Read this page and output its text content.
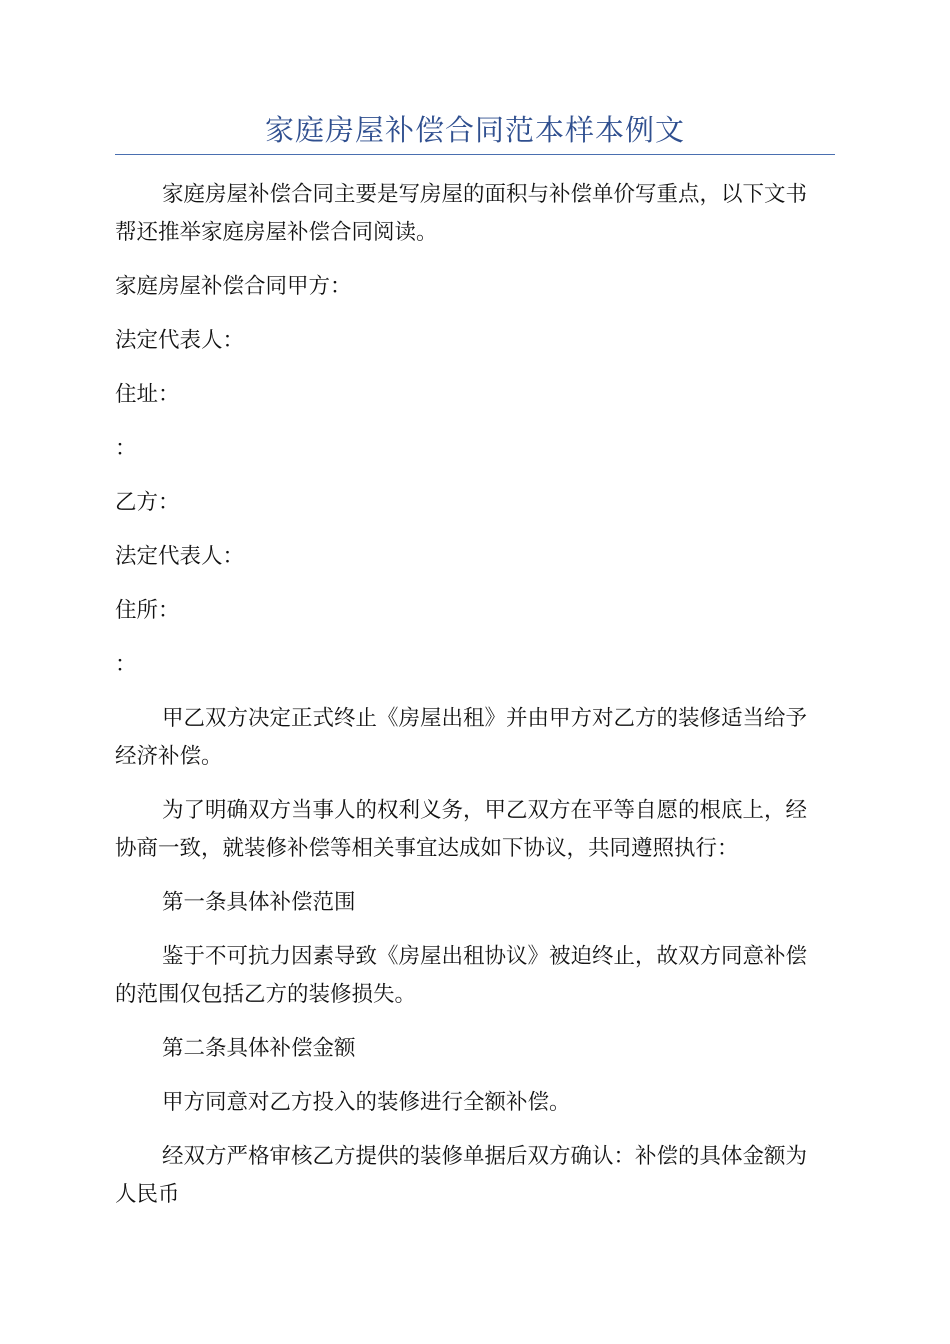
家庭房屋补偿合同范本样本例文

家庭房屋补偿合同主要是写房屋的面积与补偿单价写重点，以下文书
帮还推举家庭房屋补偿合同阅读。

家庭房屋补偿合同甲方：

法定代表人：

住址：

：

乙方：

法定代表人：

住所：

：

甲乙双方决定正式终止《房屋出租》并由甲方对乙方的装修适当给予
经济补偿。

为了明确双方当事人的权利义务，甲乙双方在平等自愿的根底上，经
协商一致，就装修补偿等相关事宜达成如下协议，共同遵照执行：

第一条具体补偿范围

鉴于不可抗力因素导致《房屋出租协议》被迫终止，故双方同意补偿
的范围仅包括乙方的装修损失。

第二条具体补偿金额

甲方同意对乙方投入的装修进行全额补偿。

经双方严格审核乙方提供的装修单据后双方确认：补偿的具体金额为
人民币
